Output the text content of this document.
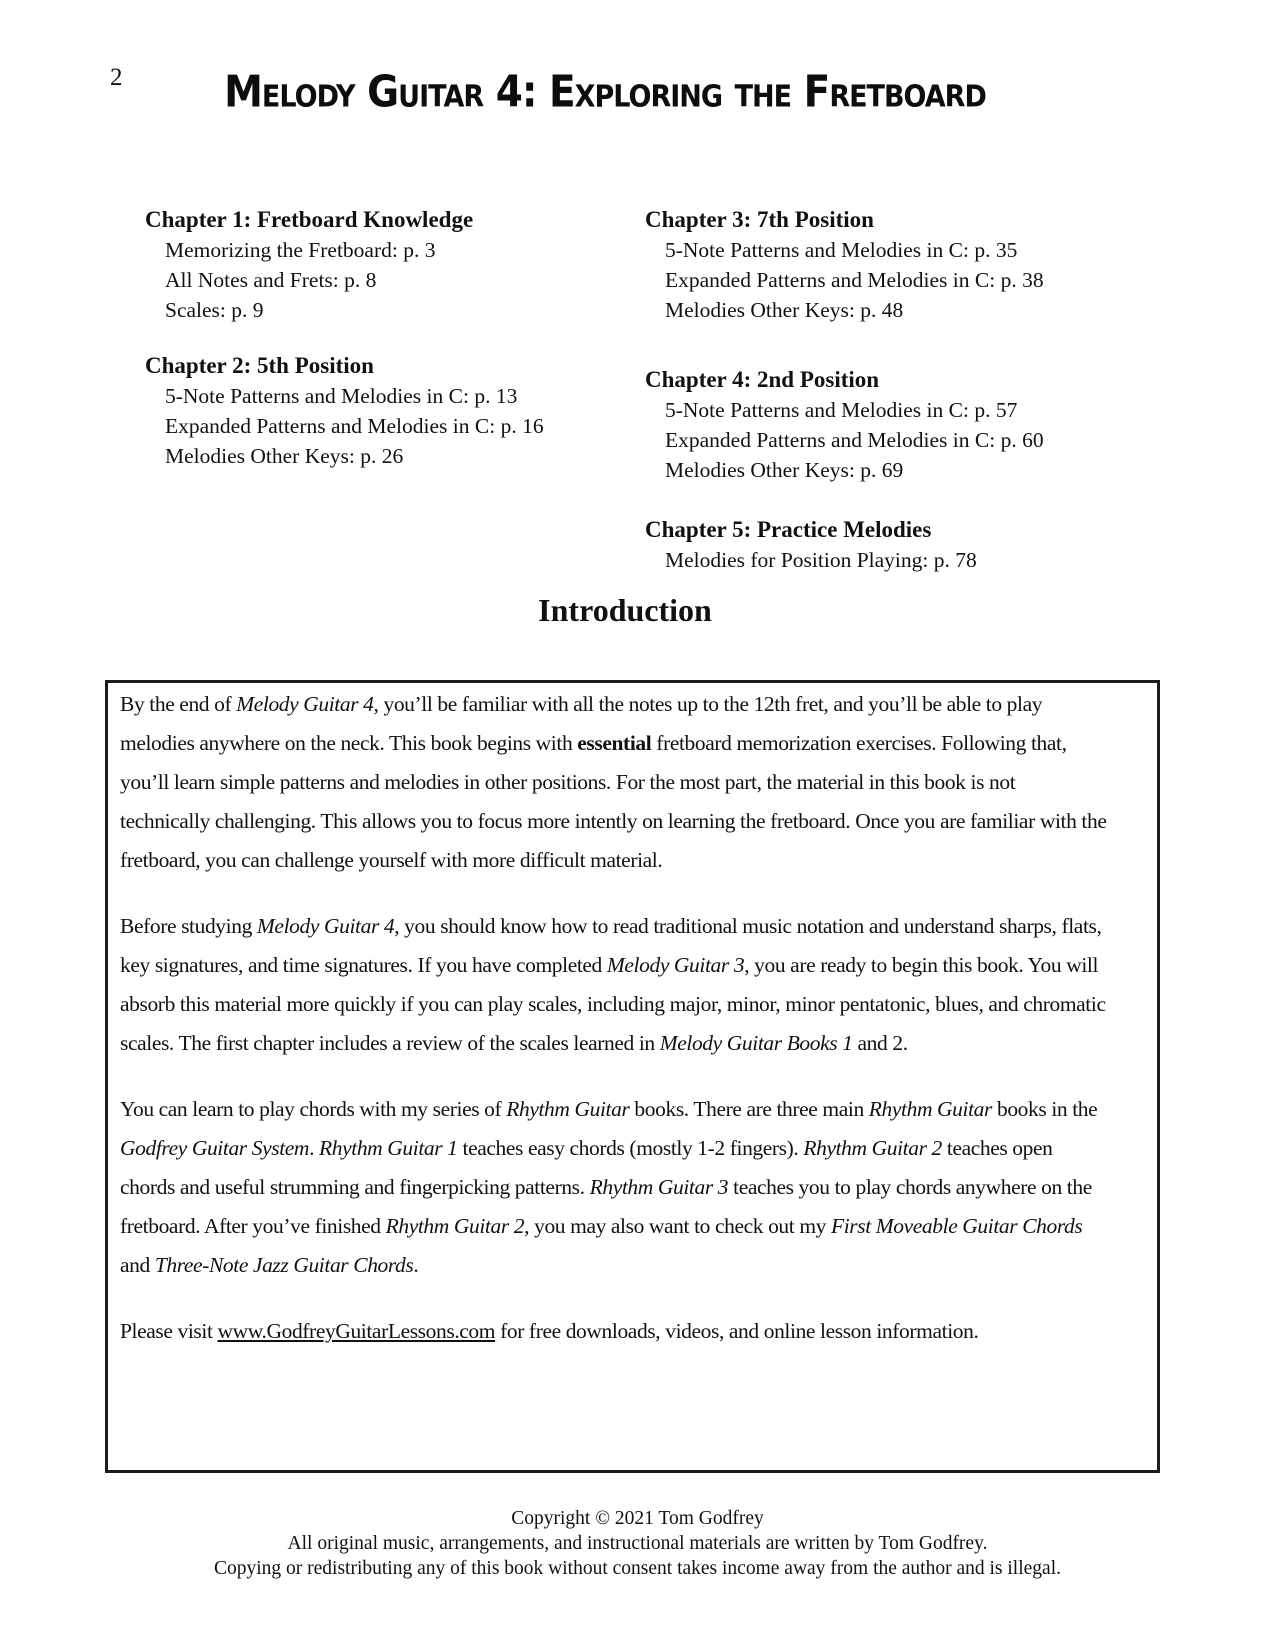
2	Melody Guitar 4: Exploring the Fretboard
Chapter 1: Fretboard Knowledge
Memorizing the Fretboard: p. 3
All Notes and Frets: p. 8
Scales: p. 9
Chapter 2: 5th Position
5-Note Patterns and Melodies in C: p. 13
Expanded Patterns and Melodies in C: p. 16
Melodies Other Keys: p. 26
Chapter 3: 7th Position
5-Note Patterns and Melodies in C: p. 35
Expanded Patterns and Melodies in C: p. 38
Melodies Other Keys: p. 48
Chapter 4: 2nd Position
5-Note Patterns and Melodies in C: p. 57
Expanded Patterns and Melodies in C: p. 60
Melodies Other Keys: p. 69
Chapter 5: Practice Melodies
Melodies for Position Playing: p. 78
Introduction

By the end of Melody Guitar 4, you’ll be familiar with all the notes up to the 12th fret, and you’ll be able to play melodies anywhere on the neck. This book begins with essential fretboard memorization exercises. Following that, you’ll learn simple patterns and melodies in other positions. For the most part, the material in this book is not technically challenging. This allows you to focus more intently on learning the fretboard. Once you are familiar with the fretboard, you can challenge yourself with more difficult material.

Before studying Melody Guitar 4, you should know how to read traditional music notation and understand sharps, flats, key signatures, and time signatures. If you have completed Melody Guitar 3, you are ready to begin this book. You will absorb this material more quickly if you can play scales, including major, minor, minor pentatonic, blues, and chromatic scales. The first chapter includes a review of the scales learned in Melody Guitar Books 1 and 2.

You can learn to play chords with my series of Rhythm Guitar books. There are three main Rhythm Guitar books in the Godfrey Guitar System. Rhythm Guitar 1 teaches easy chords (mostly 1-2 fingers). Rhythm Guitar 2 teaches open chords and useful strumming and fingerpicking patterns. Rhythm Guitar 3 teaches you to play chords anywhere on the fretboard. After you’ve finished Rhythm Guitar 2, you may also want to check out my First Moveable Guitar Chords and Three-Note Jazz Guitar Chords.

Please visit www.GodfreyGuitarLessons.com for free downloads, videos, and online lesson information.

Copyright © 2021 Tom Godfrey
All original music, arrangements, and instructional materials are written by Tom Godfrey.
Copying or redistributing any of this book without consent takes income away from the author and is illegal.
